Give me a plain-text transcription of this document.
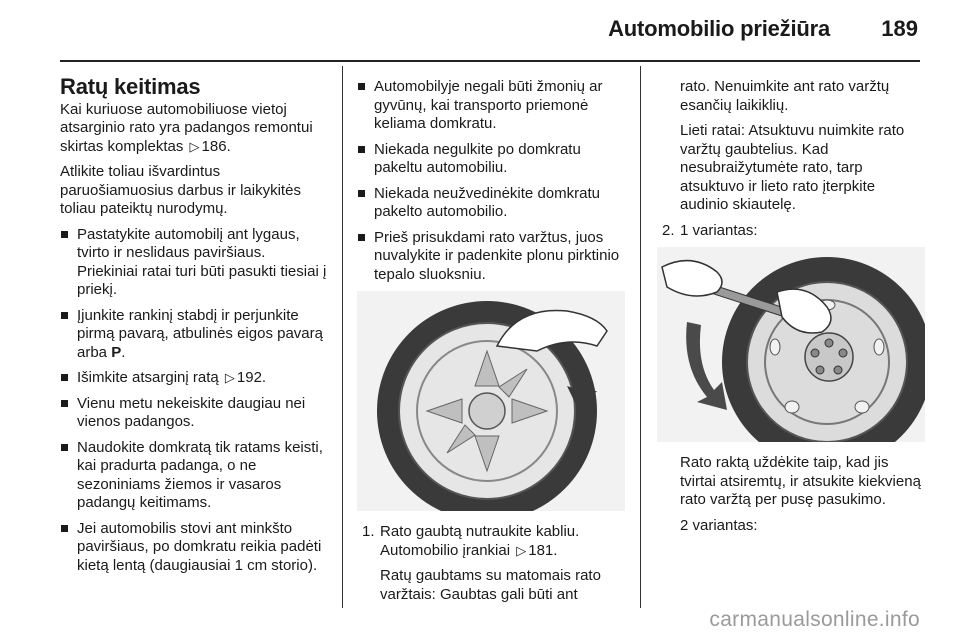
Automobilio priežiūra 189
Ratų keitimas

Kai kuriuose automobiliuose vietoj atsarginio rato yra padangos remontui skirtas komplektas ▷ 186.

Atlikite toliau išvardintus paruošiamuosius darbus ir laikykitės toliau pateiktų nurodymų.

Pastatykite automobilį ant lygaus, tvirto ir neslidaus paviršiaus. Priekiniai ratai turi būti pasukti tiesiai į priekį.
Įjunkite rankinį stabdį ir perjunkite pirmą pavarą, atbulinės eigos pavarą arba P.
Išimkite atsarginį ratą ▷ 192.
Vienu metu nekeiskite daugiau nei vienos padangos.
Naudokite domkratą tik ratams keisti, kai pradurta padanga, o ne sezoniniams žiemos ir vasaros padangų keitimams.
Jei automobilis stovi ant minkšto paviršiaus, po domkratu reikia padėti kietą lentą (daugiausiai 1 cm storio).
Automobilyje negali būti žmonių ar gyvūnų, kai transporto priemonė keliama domkratu.
Niekada negulkite po domkratu pakeltu automobiliu.
Niekada neužvedinėkite domkratu pakelto automobilio.
Prieš prisukdami rato varžtus, juos nuvalykite ir padenkite plonu pirktinio tepalo sluoksniu.
1. Rato gaubtą nutraukite kabliu. Automobilio įrankiai ▷ 181.

Ratų gaubtams su matomais rato varžtais: Gaubtas gali būti ant

rato. Nenuimkite ant rato varžtų esančių laikiklių.

Lieti ratai: Atsuktuvu nuimkite rato varžtų gaubtelius. Kad nesubraižytumėte rato, tarp atsuktuvo ir lieto rato įterpkite audinio skiautelę.

2. 1 variantas:

Rato raktą uždėkite taip, kad jis tvirtai atsiremtų, ir atsukite kiekvieną rato varžtą per pusę pasukimo.

2 variantas:

carmanualsonline.info
